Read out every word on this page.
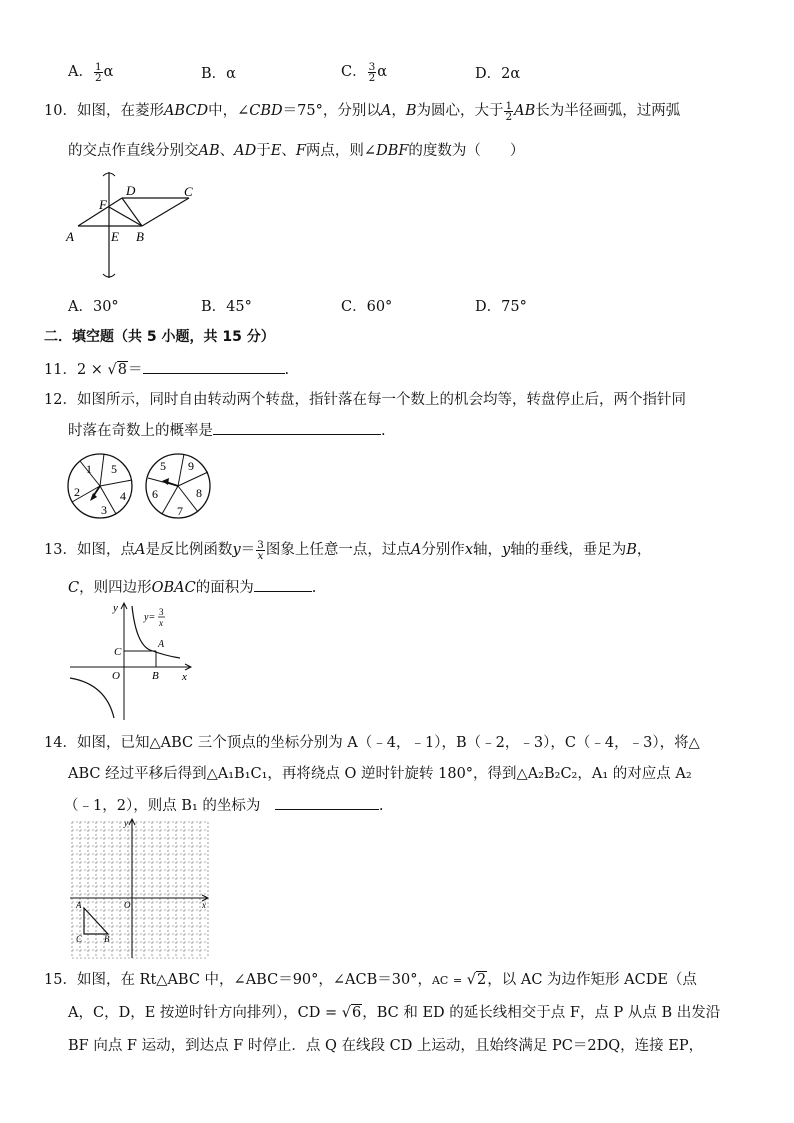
A． $\frac{1}{2}$ α	B．α	C． $\frac{3}{2}$ α	D．2α
10．如图，在菱形ABCD中，∠CBD＝75°，分别以A，B为圆心，大于 $\frac{1}{2}$ AB长为半径画弧，过两弧
的交点作直线分别交AB、AD于E、F两点，则∠DBF的度数为（　　）
A	E B
F
D	C
A．30°	B．45°	C．60°	D．75°
二．填空题（共 5 小题，共 15 分）
11．2 × √8＝	.
12．如图所示，同时自由转动两个转盘，指针落在每一个数上的机会均等，转盘停止后，两个指针同
时落在奇数上的概率是	.
1 5
4
3
2
5 9
8
7
6
13．如图，点A是反比例函数$y= \frac{3}{x}$ 图象上任意一点，过点A分别作x轴，y轴的垂线，垂足为B，
C，则四边形OBAC的面积为	.
y
x
O
C
B
A
y= 3
x
14．如图，已知△ABC 三个顶点的坐标分别为 A（﹣4，﹣1），B（﹣2，﹣3），C（﹣4，﹣3），将△
ABC 经过平移后得到△A₁B₁C₁，再将绕点 O 逆时针旋转 180°，得到△A₂B₂C₂，A₁ 的对应点 A₂
（﹣1，2），则点 B₁ 的坐标为　	.
y
x
O
A
C B
15．如图，在 Rt△ABC 中，∠ABC＝90°，∠ACB＝30°，AC = √2，以 AC 为边作矩形 ACDE（点
A，C，D，E 按逆时针方向排列），CD = √6，BC 和 ED 的延长线相交于点 F，点 P 从点 B 出发沿
BF 向点 F 运动，到达点 F 时停止．点 Q 在线段 CD 上运动，且始终满足 PC＝2DQ，连接 EP，
